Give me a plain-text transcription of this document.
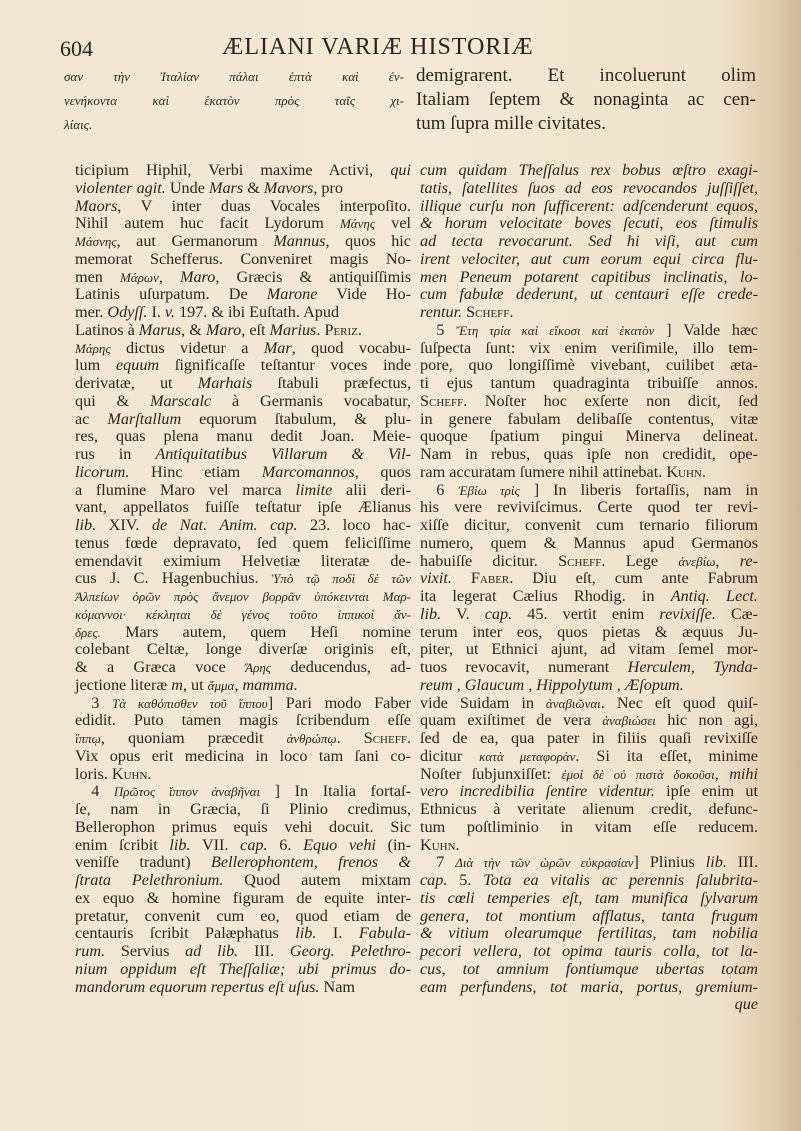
604	ÆLIANI VARIÆ HISTORIÆ
σαν τὴν Ἰταλίαν πάλαι ἑπτὰ καὶ ἐν-
νενήκοντα καὶ ἑκατὸν πρὸς ταῖς χι-
λίαις.
demigrarent. Et incoluerunt olim
Italiam ſeptem & nonaginta ac cen-
tum ſupra mille civitates.
ticipium Hiphil, Verbi maxime Activi, qui
violenter agit. Unde Mars & Mavors, pro
Maors, V inter duas Vocales interpoſito.
Nihil autem huc facit Lydorum Μάνης vel
Μάσνης, aut Germanorum Mannus, quos hic
memorat Schefferus. Conveniret magis No-
men Μάρων, Maro, Græcis & antiquiſſimis
Latinis uſurpatum. De Marone Vide Ho-
mer. Odyſſ. I. v. 197. & ibi Euſtath. Apud
Latinos à Marus, & Maro, eſt Marius. Periz.
Μάρης dictus videtur a Mar, quod vocabu-
lum equum ſignificaſſe teſtantur voces inde
derivatæ, ut Marhais ſtabuli præfectus,
qui & Marscalc à Germanis vocabatur,
ac Marſtallum equorum ſtabulum, & plu-
res, quas plena manu dedit Joan. Meie-
rus in Antiquitatibus Villarum & Vil-
licorum. Hinc etiam Marcomannos, quos
a flumine Maro vel marca limite alii deri-
vant, appellatos fuiſſe teſtatur ipſe Ælianus
lib. XIV. de Nat. Anim. cap. 23. loco hac-
tenus fœde depravato, ſed quem feliciſſime
emendavit eximium Helvetiæ literatæ de-
cus J. C. Hagenbuchius. Ὑπὸ τῷ ποδὶ δὲ τῶν
Ἀλπείων ὀρῶν πρὸς ἄνεμον βορρᾶν ὑπόκεινται Μαρ-
κόμαννοι· κέκληται δὲ γένος τοῦτο ἱππικοὶ ἄν-
δρες. Mars autem, quem Heſi nomine
colebant Celtæ, longe diverſæ originis eſt,
& a Græca voce Ἄρης deducendus, ad-
jectione literæ m, ut ἄμμα, mamma.
 3 Τὰ καθόπισθεν τοῦ ἵππου] Pari modo Faber
edidit. Puto tamen magis ſcribendum eſſe
ἵππῳ, quoniam præcedit ἀνθρώπῳ. Scheff.
Vix opus erit medicina in loco tam ſani co-
loris. Kuhn.
 4 Πρῶτος ἵππον ἀναβῆναι ] In Italia fortaſ-
ſe, nam in Græcia, ſi Plinio credimus,
Bellerophon primus equis vehi docuit. Sic
enim ſcribit lib. VII. cap. 6. Equo vehi (in-
veniſſe tradunt) Bellerophontem, frenos &
ſtrata Pelethronium. Quod autem mixtam
ex equo & homine figuram de equite inter-
pretatur, convenit cum eo, quod etiam de
centauris ſcribit Palæphatus lib. I. Fabula-
rum. Servius ad lib. III. Georg. Pelethro-
nium oppidum eſt Theſſaliæ; ubi primus do-
mandorum equorum repertus eſt uſus. Nam
cum quidam Theſſalus rex bobus œſtro exagi-
tatis, ſatellites ſuos ad eos revocandos juſſiſſet,
illique curſu non ſufficerent: adſcenderunt equos,
& horum velocitate boves ſecuti, eos ſtimulis
ad tecta revocarunt. Sed hi viſi, aut cum
irent velociter, aut cum eorum equi circa flu-
men Peneum potarent capitibus inclinatis, lo-
cum fabulæ dederunt, ut centauri eſſe crede-
rentur. Scheff.
 5 Ἔτη τρία καὶ εἴκοσι καὶ ἑκατὸν ] Valde hæc
ſuſpecta ſunt: vix enim veriſimile, illo tem-
pore, quo longiſſimè vivebant, cuilibet æta-
ti ejus tantum quadraginta tribuiſſe annos.
Scheff. Noſter hoc exſerte non dicit, ſed
in genere fabulam delibaſſe contentus, vitæ
quoque ſpatium pingui Minerva delineat.
Nam in rebus, quas ipſe non credidit, ope-
ram accuratam ſumere nihil attinebat. Kuhn.
 6 Ἐβίω τρὶς ] In liberis fortaſſis, nam in
his vere reviviſcimus. Certe quod ter revi-
xiſſe dicitur, convenit cum ternario filiorum
numero, quem & Mannus apud Germanos
habuiſſe dicitur. Scheff. Lege ἀνεβίω, re-
vixit. Faber. Diu eſt, cum ante Fabrum
ita legerat Cælius Rhodig. in Antiq. Lect.
lib. V. cap. 45. vertit enim revixiſſe. Cæ-
terum inter eos, quos pietas & æquus Ju-
piter, ut Ethnici ajunt, ad vitam ſemel mor-
tuos revocavit, numerant Herculem, Tynda-
reum , Glaucum , Hippolytum , Æſopum.
vide Suidam in ἀναβιῶναι. Nec eſt quod quiſ-
quam exiſtimet de vera ἀναβιώσει hic non agi,
ſed de ea, qua pater in filiis quaſi revixiſſe
dicitur κατὰ μεταφορὰν. Si ita eſſet, minime
Noſter ſubjunxiſſet: ἐμοὶ δὲ οὐ πιστὰ δοκοῦσι, mihi
vero incredibilia ſentire videntur. ipſe enim ut
Ethnicus à veritate alienum credit, defunc-
tum poſtliminio in vitam eſſe reducem.
Kuhn.
 7 Διὰ τὴν τῶν ὡρῶν εὐκρασίαν] Plinius lib. III.
cap. 5. Tota ea vitalis ac perennis ſalubrita-
tis cœli temperies eſt, tam munifica ſylvarum
genera, tot montium afflatus, tanta frugum
& vitium olearumque fertilitas, tam nobilia
pecori vellera, tot opima tauris colla, tot la-
cus, tot amnium fontiumque ubertas totam
eam perfundens, tot maria, portus, gremium-
que
